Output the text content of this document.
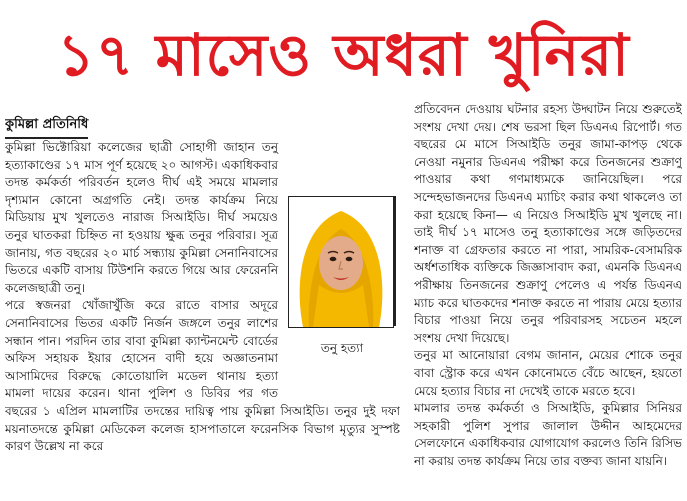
১৭ মাসেও অধরা খুনিরা
কুমিল্লা প্রতিনিধি

কুমিল্লা ভিক্টোরিয়া কলেজের ছাত্রী সোহাগী জাহান তনু হত্যাকাণ্ডের ১৭ মাস পূর্ণ হয়েছে ২০ আগস্ট। একাধিকবার তদন্ত কর্মকর্তা পরিবর্তন হলেও দীর্ঘ এই সময়ে মামলার দৃশ্যমান কোনো অগ্রগতি নেই। তদন্ত কার্যক্রম নিয়ে মিডিয়ায় মুখ খুলতেও নারাজ সিআইডি। দীর্ঘ সময়েও তনুর ঘাতকরা চিহ্নিত না হওয়ায় ক্ষুব্ধ তনুর পরিবার। সূত্র জানায়, গত বছরের ২০ মার্চ সন্ধ্যায় কুমিল্লা সেনানিবাসের ভিতরে একটি বাসায় টিউশনি করতে গিয়ে আর ফেরেননি কলেজছাত্রী তনু।

পরে স্বজনরা খোঁজাখুঁজি করে রাতে বাসার অদূরে সেনানিবাসের ভিতর একটি নির্জন জঙ্গলে তনুর লাশের সন্ধান পান। পরদিন তার বাবা কুমিল্লা ক্যান্টনমেন্ট বোর্ডের অফিস সহায়ক ইয়ার হোসেন বাদী হয়ে অজ্ঞাতনামা আসামিদের বিরুদ্ধে কোতোয়ালি মডেল থানায় হত্যা মামলা দায়ের করেন। থানা পুলিশ ও ডিবির পর গত বছরের ১ এপ্রিল মামলাটির তদন্তের দায়িত্ব পায় কুমিল্লা সিআইডি। তনুর দুই দফা ময়নাতদন্তে কুমিল্লা মেডিকেল কলেজ হাসপাতালে ফরেনসিক বিভাগ মৃত্যুর সুস্পষ্ট কারণ উল্লেখ না করে

প্রতিবেদন দেওয়ায় ঘটনার রহস্য উদ্ঘাটন নিয়ে শুরুতেই সংশয় দেখা দেয়। শেষ ভরসা ছিল ডিএনএ রিপোর্ট। গত বছরের মে মাসে সিআইডি তনুর জামা-কাপড় থেকে নেওয়া নমুনার ডিএনএ পরীক্ষা করে তিনজনের শুক্রাণু পাওয়ার কথা গণমাধ্যমকে জানিয়েছিল। পরে সন্দেহভাজনদের ডিএনএ ম্যাচিং করার কথা থাকলেও তা করা হয়েছে কিনা— এ নিয়েও সিআইডি মুখ খুলছে না। তাই দীর্ঘ ১৭ মাসেও তনু হত্যাকাণ্ডের সঙ্গে জড়িতদের শনাক্ত বা গ্রেফতার করতে না পারা, সামরিক-বেসামরিক অর্ধশতাধিক ব্যক্তিকে জিজ্ঞাসাবাদ করা, এমনকি ডিএনএ পরীক্ষায় তিনজনের শুক্রাণু পেলেও এ পর্যন্ত ডিএনএ ম্যাচ করে ঘাতকদের শনাক্ত করতে না পারায় মেয়ে হত্যার বিচার পাওয়া নিয়ে তনুর পরিবারসহ সচেতন মহলে সংশয় দেখা দিয়েছে।

তনুর মা আনোয়ারা বেগম জানান, মেয়ের শোকে তনুর বাবা স্ট্রোক করে এখন কোনোমতে বেঁচে আছেন, হয়তো মেয়ে হত্যার বিচার না দেখেই তাকে মরতে হবে।

মামলার তদন্ত কর্মকর্তা ও সিআইডি, কুমিল্লার সিনিয়র সহকারী পুলিশ সুপার জালাল উদ্দীন আহমেদের সেলফোনে একাধিকবার যোগাযোগ করলেও তিনি রিসিভ না করায় তদন্ত কার্যক্রম নিয়ে তার বক্তব্য জানা যায়নি।

তনু হত্যা
